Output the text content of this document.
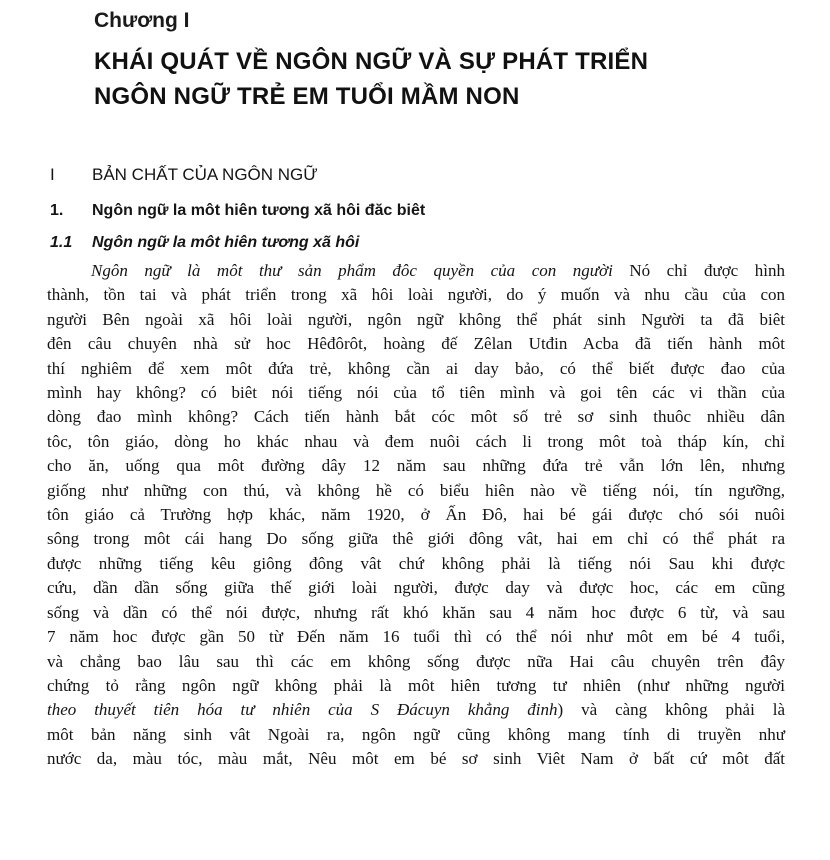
Chương I
KHÁI QUÁT VỀ NGÔN NGỮ VÀ SỰ PHÁT TRIỂN
NGÔN NGỮ TRẺ EM TUỔI MẦM NON
I BẢN CHẤT CỦA NGÔN NGỮ
1. Ngôn ngữ la môt hiên tương xã hôi đăc biêt
1.1 Ngôn ngữ la môt hiên tương xã hôi
Ngôn ngữ là môt thư sản phẩm đôc quyền của con người Nó chỉ được hình
thành, tồn tai và phát triển trong xã hôi loài người, do ý muốn và nhu cầu của con
người Bên ngoài xã hôi loài người, ngôn ngữ không thể phát sinh Người ta đã biêt
đên câu chuyên nhà sử hoc Hêđôrôt, hoàng đế Zêlan Utđin Acba đã tiến hành môt
thí nghiêm để xem môt đứa trẻ, không cần ai day bảo, có thể biết được đao của
mình hay không? có biêt nói tiếng nói của tổ tiên mình và goi tên các vi thần của
dòng đao mình không? Cách tiến hành bắt cóc môt số trẻ sơ sinh thuôc nhiều dân
tôc, tôn giáo, dòng ho khác nhau và đem nuôi cách li trong môt toà tháp kín, chỉ
cho ăn, uống qua môt đường dây 12 năm sau những đứa trẻ vẫn lớn lên, nhưng
giống như những con thú, và không hề có biểu hiên nào về tiếng nói, tín ngưỡng,
tôn giáo cả Trường hợp khác, năm 1920, ở Ấn Đô, hai bé gái được chó sói nuôi
sông trong môt cái hang Do sống giữa thê giới đông vât, hai em chỉ có thể phát ra
được những tiếng kêu giông đông vât chứ không phải là tiếng nói Sau khi được
cứu, dần dần sống giữa thế giới loài người, được day và được hoc, các em cũng
sống và dần có thể nói được, nhưng rất khó khăn sau 4 năm hoc được 6 từ, và sau
7 năm hoc được gần 50 từ Đến năm 16 tuổi thì có thể nói như môt em bé 4 tuổi,
và chẳng bao lâu sau thì các em không sống được nữa Hai câu chuyên trên đây
chứng tỏ rằng ngôn ngữ không phải là môt hiên tương tư nhiên (như những người
theo thuyết tiên hóa tư nhiên của S Đácuyn khẳng đinh) và càng không phải là
môt bản năng sinh vât Ngoài ra, ngôn ngữ cũng không mang tính di truyền như
nước da, màu tóc, màu mắt, Nêu môt em bé sơ sinh Viêt Nam ở bất cứ môt đất
